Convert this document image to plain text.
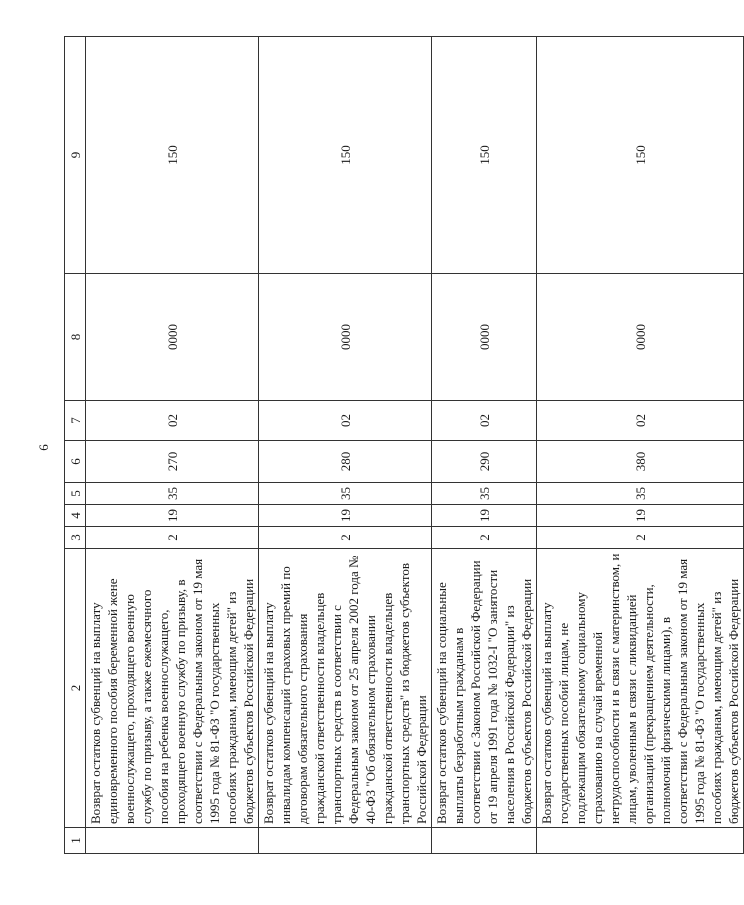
6
1	2	3	4	5	6	7	8	9
	Возврат остатков субвенций на выплату единовременного пособия беременной жене военнослужащего, проходящего военную службу по призыву, а также ежемесячного пособия на ребенка военнослужащего, проходящего военную службу по призыву, в соответствии с Федеральным законом от 19 мая 1995 года № 81-ФЗ "О государственных пособиях гражданам, имеющим детей" из бюджетов субъектов Российской Федерации	2	19	35	270	02	0000	150
	Возврат остатков субвенций на выплату инвалидам компенсаций страховых премий по договорам обязательного страхования гражданской ответственности владельцев транспортных средств в соответствии с Федеральным законом от 25 апреля 2002 года № 40-ФЗ "Об обязательном страховании гражданской ответственности владельцев транспортных средств" из бюджетов субъектов Российской Федерации	2	19	35	280	02	0000	150
	Возврат остатков субвенций на социальные выплаты безработным гражданам в соответствии с Законом Российской Федерации от 19 апреля 1991 года № 1032-I "О занятости населения в Российской Федерации" из бюджетов субъектов Российской Федерации	2	19	35	290	02	0000	150
	Возврат остатков субвенций на выплату государственных пособий лицам, не подлежащим обязательному социальному страхованию на случай временной нетрудоспособности и в связи с материнством, и лицам, уволенным в связи с ликвидацией организаций (прекращением деятельности, полномочий физическими лицами), в соответствии с Федеральным законом от 19 мая 1995 года № 81-ФЗ "О государственных пособиях гражданам, имеющим детей" из бюджетов субъектов Российской Федерации	2	19	35	380	02	0000	150
